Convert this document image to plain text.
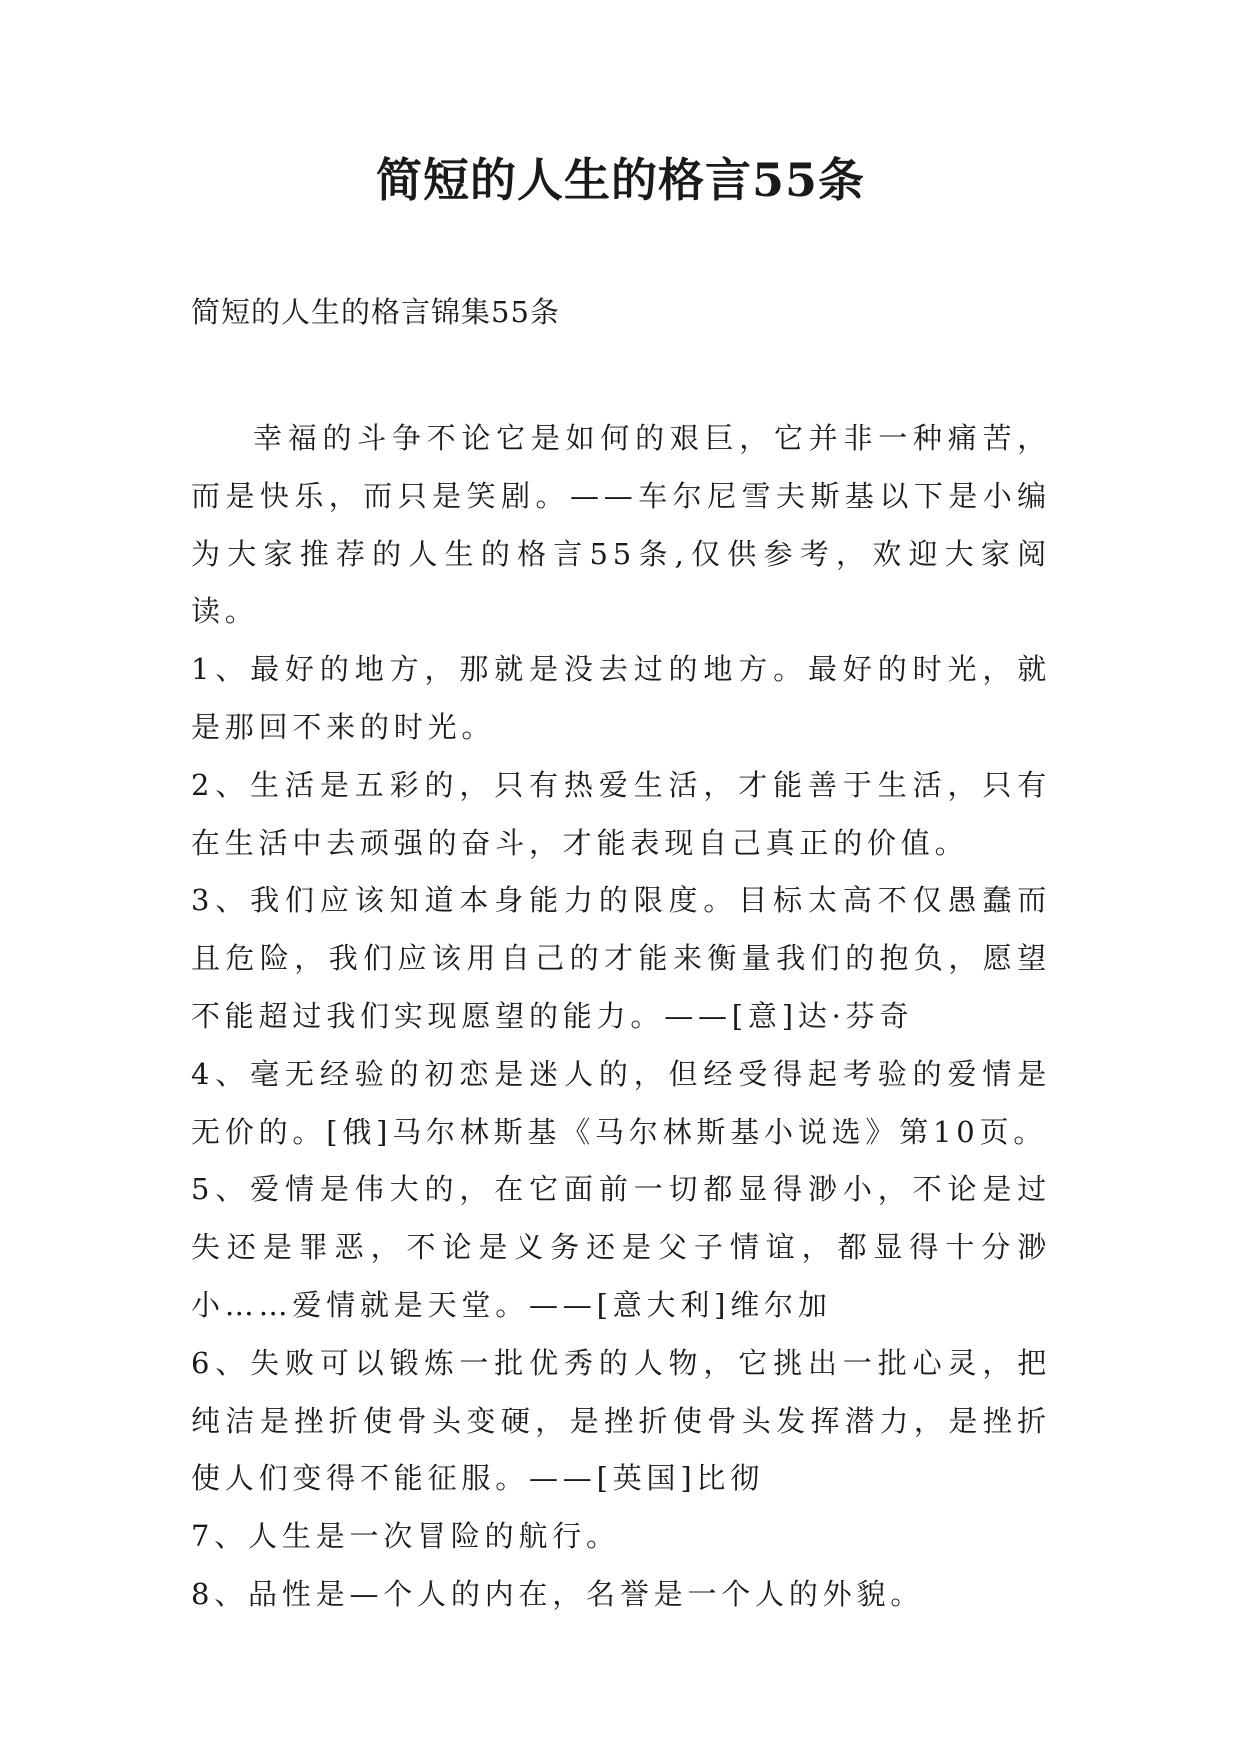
简短的人生的格言55条

简短的人生的格言锦集55条

幸福的斗争不论它是如何的艰巨，它并非一种痛苦，而是快乐，而只是笑剧。——车尔尼雪夫斯基以下是小编为大家推荐的人生的格言55条,仅供参考，欢迎大家阅读。

1、最好的地方，那就是没去过的地方。最好的时光，就是那回不来的时光。

2、生活是五彩的，只有热爱生活，才能善于生活，只有在生活中去顽强的奋斗，才能表现自己真正的价值。

3、我们应该知道本身能力的限度。目标太高不仅愚蠢而且危险，我们应该用自己的才能来衡量我们的抱负，愿望不能超过我们实现愿望的能力。——[意]达·芬奇

4、毫无经验的初恋是迷人的，但经受得起考验的爱情是无价的。[俄]马尔林斯基《马尔林斯基小说选》第10页。

5、爱情是伟大的，在它面前一切都显得渺小，不论是过失还是罪恶，不论是义务还是父子情谊，都显得十分渺小……爱情就是天堂。——[意大利]维尔加

6、失败可以锻炼一批优秀的人物，它挑出一批心灵，把纯洁是挫折使骨头变硬，是挫折使骨头发挥潜力，是挫折使人们变得不能征服。——[英国]比彻

7、人生是一次冒险的航行。

8、品性是—个人的内在，名誉是一个人的外貌。
